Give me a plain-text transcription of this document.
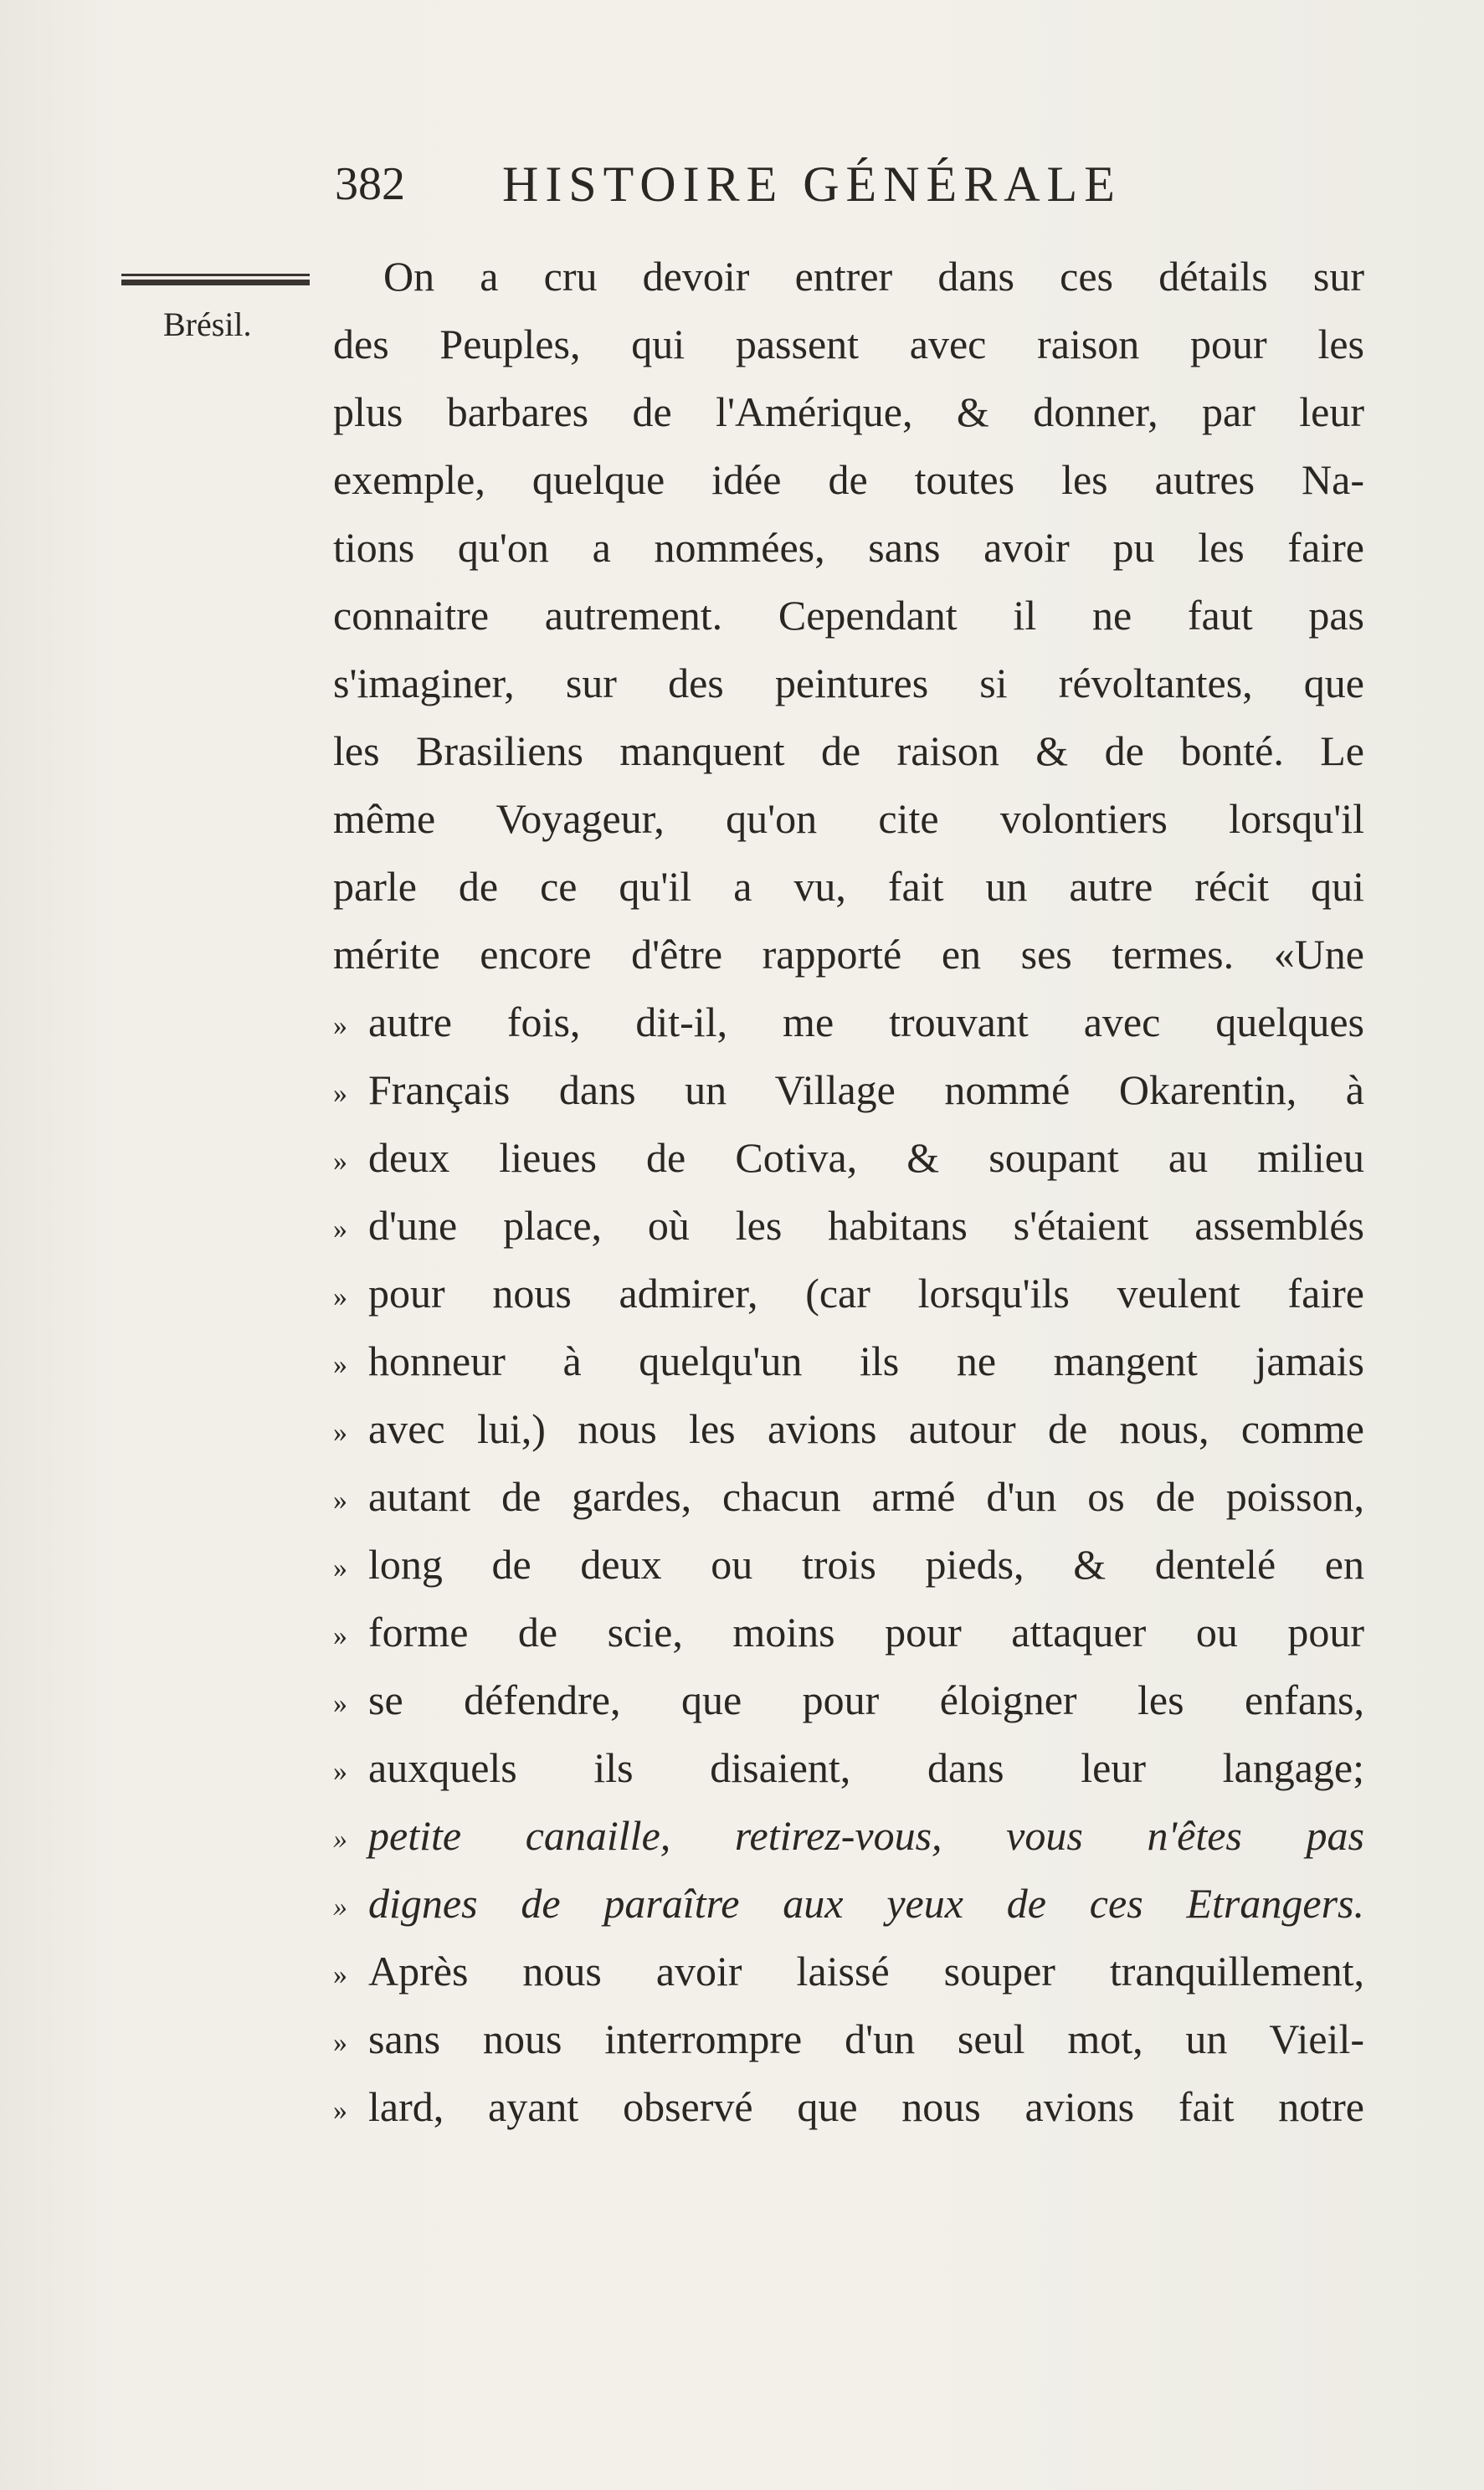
382 HISTOIRE GÉNÉRALE
Brésil.
On a cru devoir entrer dans ces détails sur
des Peuples, qui passent avec raison pour les
plus barbares de l'Amérique, & donner, par leur
exemple, quelque idée de toutes les autres Na-
tions qu'on a nommées, sans avoir pu les faire
connaitre autrement. Cependant il ne faut pas
s'imaginer, sur des peintures si révoltantes, que
les Brasiliens manquent de raison & de bonté. Le
même Voyageur, qu'on cite volontiers lorsqu'il
parle de ce qu'il a vu, fait un autre récit qui
mérite encore d'être rapporté en ses termes. «Une
» autre fois, dit-il, me trouvant avec quelques
» Français dans un Village nommé Okarentin, à
» deux lieues de Cotiva, & soupant au milieu
» d'une place, où les habitans s'étaient assemblés
» pour nous admirer, (car lorsqu'ils veulent faire
» honneur à quelqu'un ils ne mangent jamais
» avec lui,) nous les avions autour de nous, comme
» autant de gardes, chacun armé d'un os de poisson,
» long de deux ou trois pieds, & dentelé en
» forme de scie, moins pour attaquer ou pour
» se défendre, que pour éloigner les enfans,
» auxquels ils disaient, dans leur langage;
» petite canaille, retirez-vous, vous n'êtes pas
» dignes de paraître aux yeux de ces Etrangers.
» Après nous avoir laissé souper tranquillement,
» sans nous interrompre d'un seul mot, un Vieil-
» lard, ayant observé que nous avions fait notre
